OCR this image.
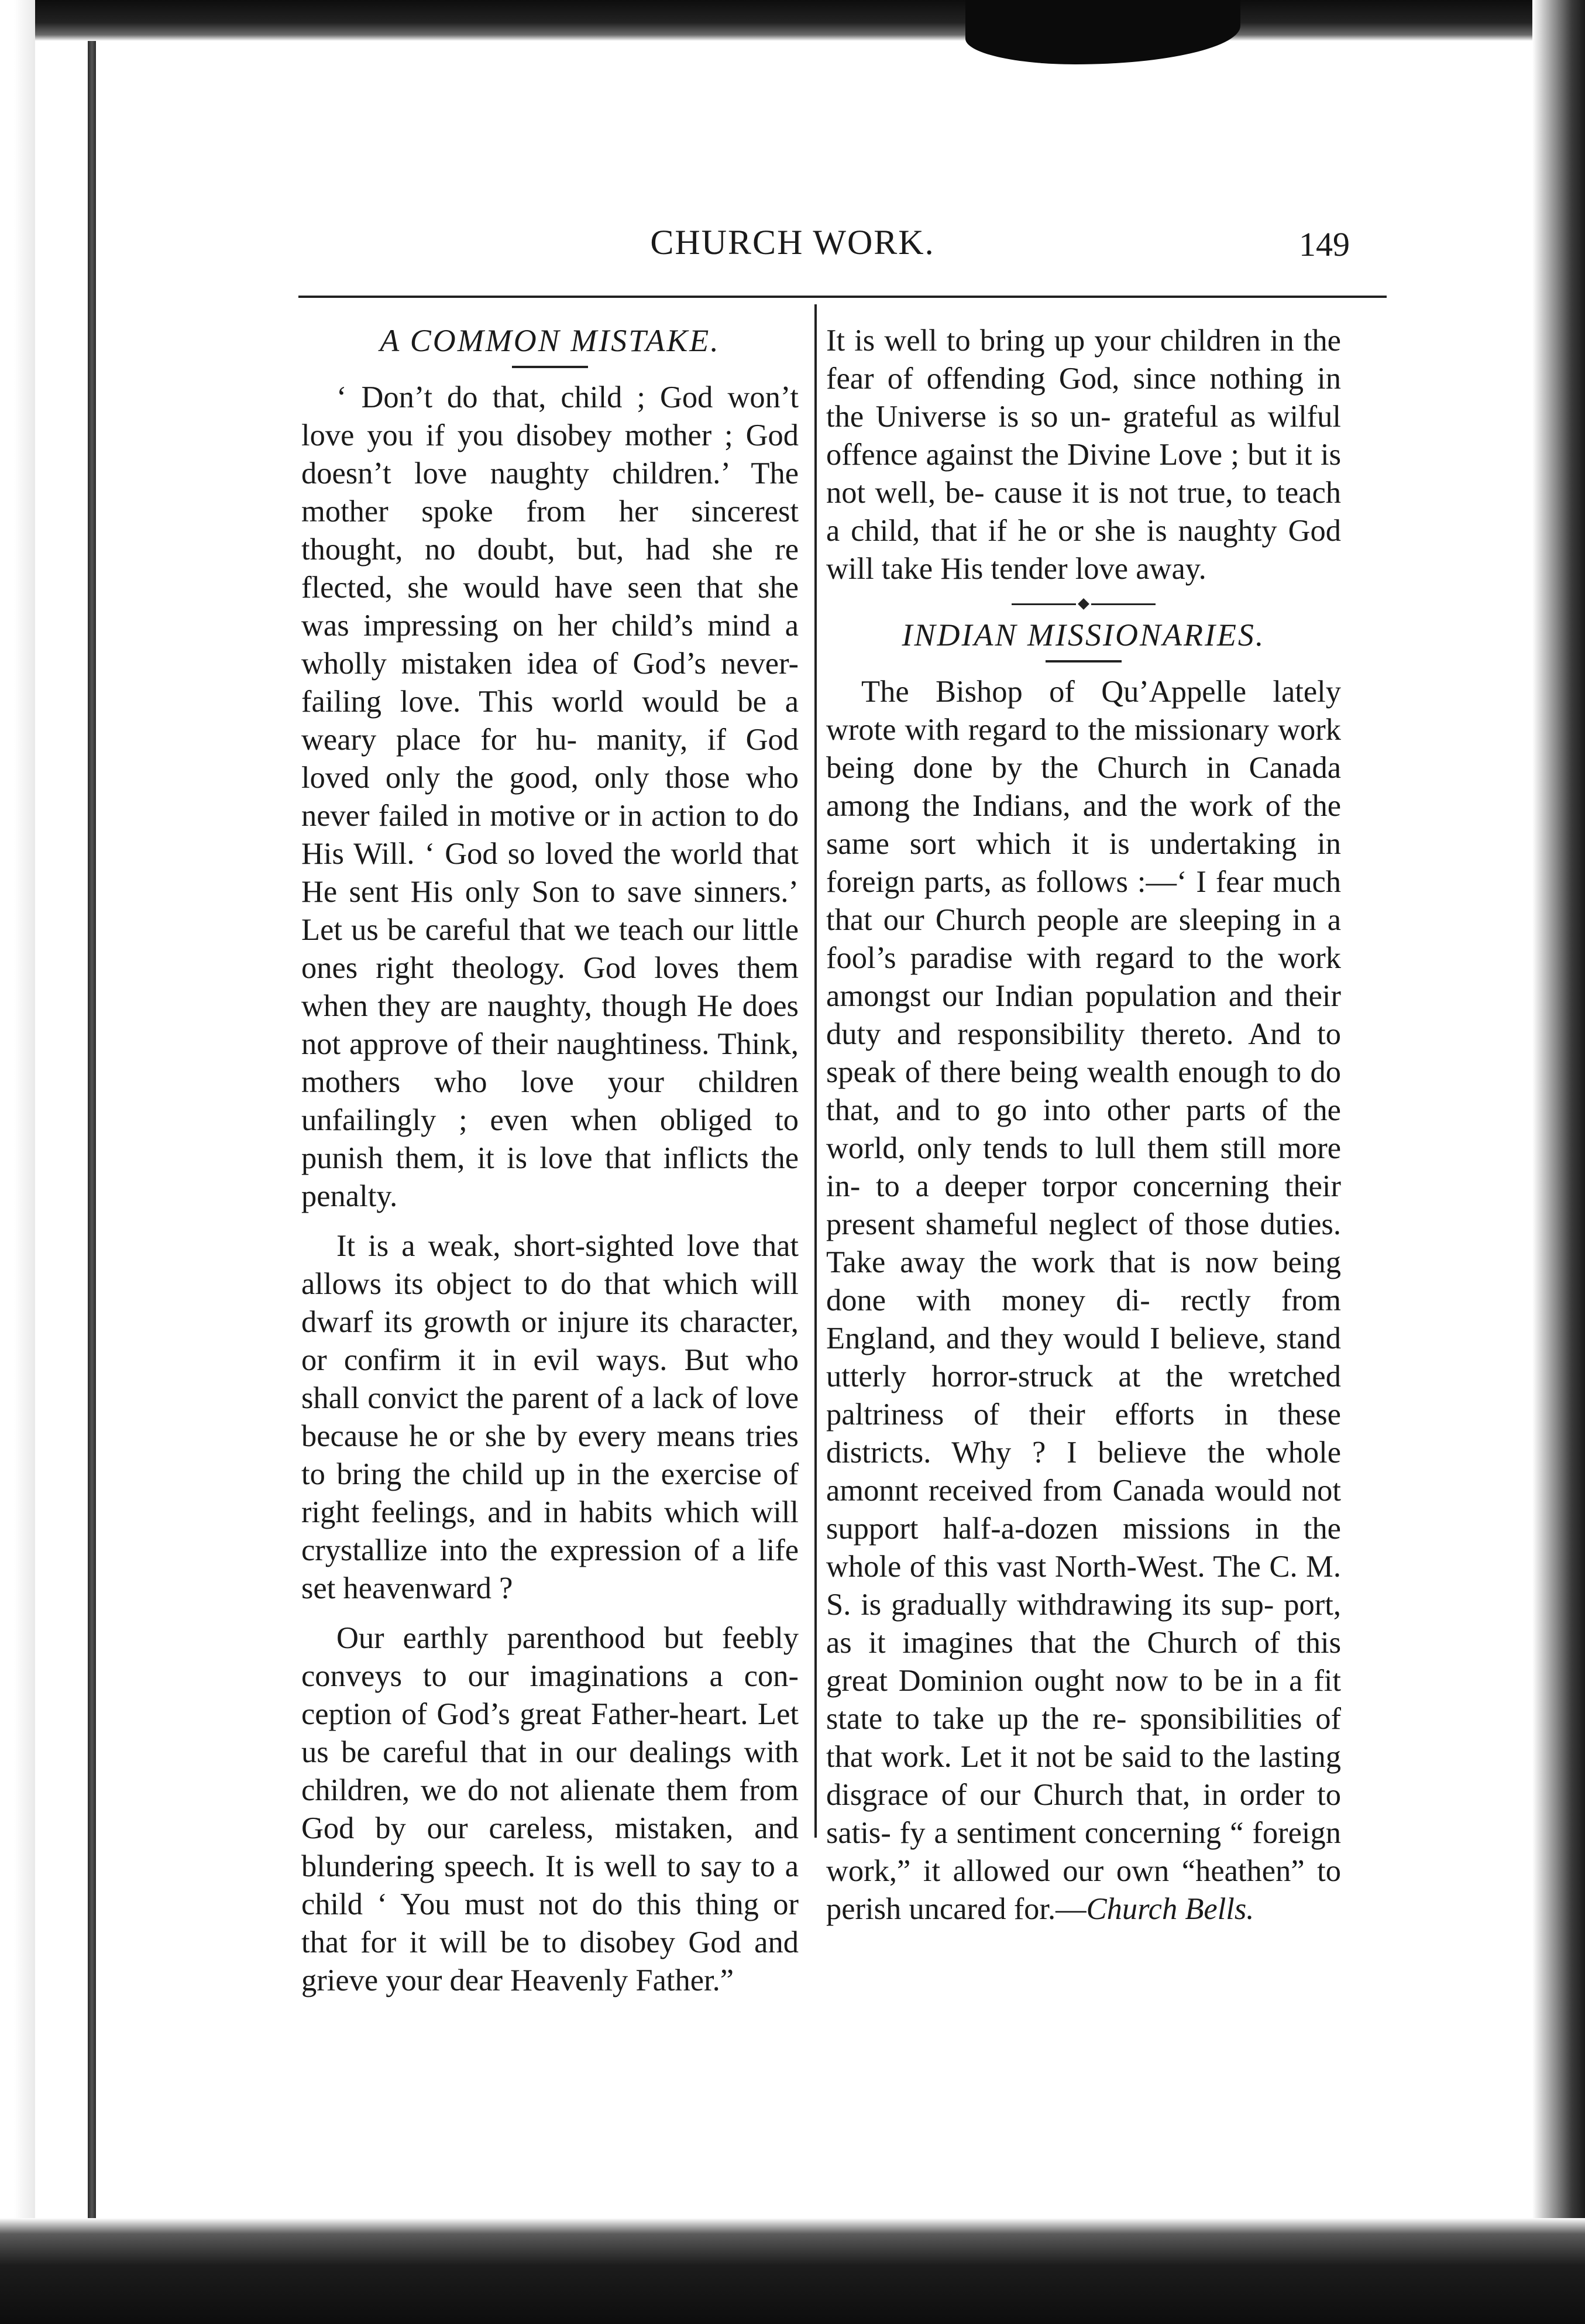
CHURCH WORK.	149
A COMMON MISTAKE.

‘ Don’t do that, child ; God won’t love you if you disobey mother ; God doesn’t love naughty children.’ The mother spoke from her sincerest thought, no doubt, but, had she re flected, she would have seen that she was impressing on her child’s mind a wholly mistaken idea of God’s never-failing love. This world would be a weary place for hu- manity, if God loved only the good, only those who never failed in motive or in action to do His Will. ‘ God so loved the world that He sent His only Son to save sinners.’ Let us be careful that we teach our little ones right theology. God loves them when they are naughty, though He does not approve of their naughtiness. Think, mothers who love your children unfailingly ; even when obliged to punish them, it is love that inflicts the penalty.

It is a weak, short-sighted love that allows its object to do that which will dwarf its growth or injure its character, or confirm it in evil ways. But who shall convict the parent of a lack of love because he or she by every means tries to bring the child up in the exercise of right feelings, and in habits which will crystallize into the expression of a life set heavenward ?

Our earthly parenthood but feebly conveys to our imaginations a con- ception of God’s great Father-heart. Let us be careful that in our dealings with children, we do not alienate them from God by our careless, mistaken, and blundering speech. It is well to say to a child ‘ You must not do this thing or that for it will be to disobey God and grieve your dear Heavenly Father.”

It is well to bring up your children in the fear of offending God, since nothing in the Universe is so un- grateful as wilful offence against the Divine Love ; but it is not well, be- cause it is not true, to teach a child, that if he or she is naughty God will take His tender love away.

INDIAN MISSIONARIES.

The Bishop of Qu’Appelle lately wrote with regard to the missionary work being done by the Church in Canada among the Indians, and the work of the same sort which it is undertaking in foreign parts, as follows :—‘ I fear much that our Church people are sleeping in a fool’s paradise with regard to the work amongst our Indian population and their duty and responsibility thereto. And to speak of there being wealth enough to do that, and to go into other parts of the world, only tends to lull them still more in- to a deeper torpor concerning their present shameful neglect of those duties. Take away the work that is now being done with money di- rectly from England, and they would I believe, stand utterly horror-struck at the wretched paltriness of their efforts in these districts. Why ? I believe the whole amonnt received from Canada would not support half-a-dozen missions in the whole of this vast North-West. The C. M. S. is gradually withdrawing its sup- port, as it imagines that the Church of this great Dominion ought now to be in a fit state to take up the re- sponsibilities of that work. Let it not be said to the lasting disgrace of our Church that, in order to satis- fy a sentiment concerning “ foreign work,” it allowed our own “heathen” to perish uncared for.—Church Bells.
